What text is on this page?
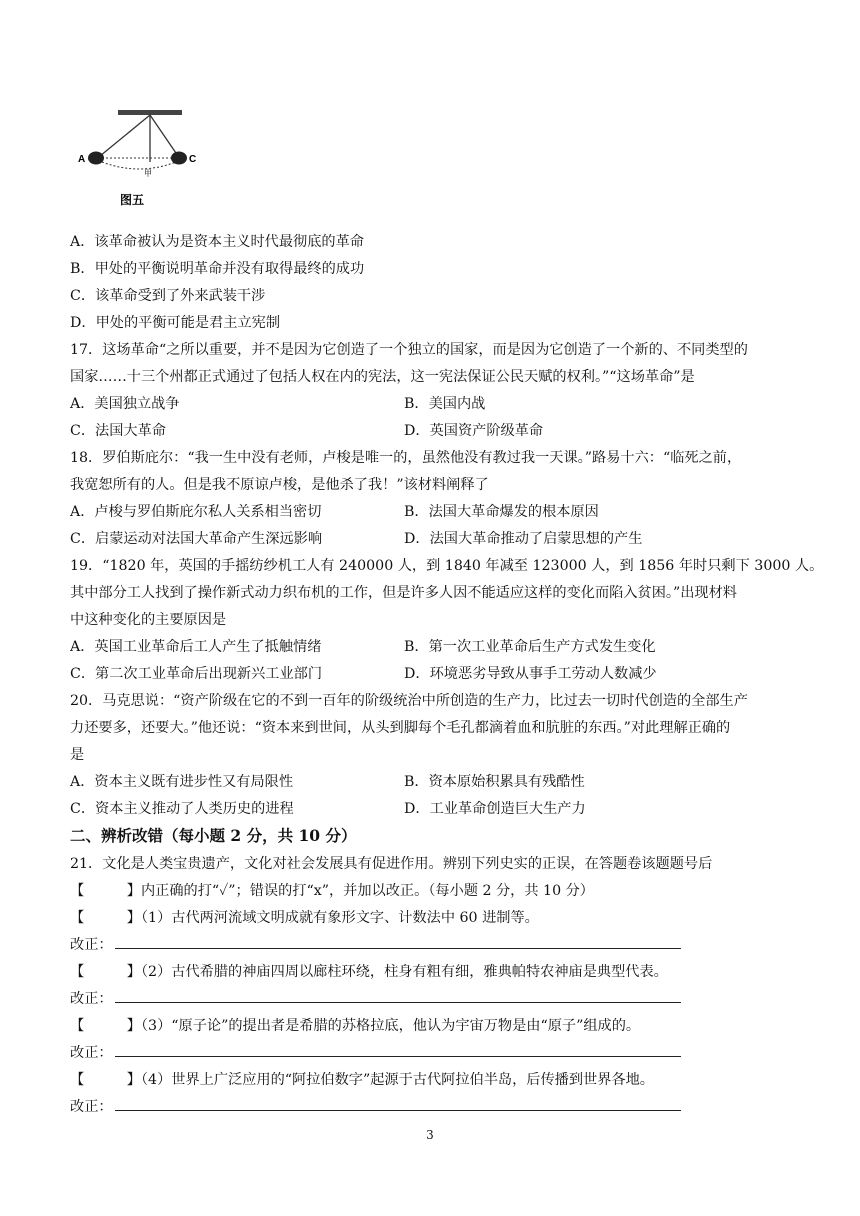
A	C
甲
图五
A．该革命被认为是资本主义时代最彻底的革命
B．甲处的平衡说明革命并没有取得最终的成功
C．该革命受到了外来武装干涉
D．甲处的平衡可能是君主立宪制
17．这场革命“之所以重要，并不是因为它创造了一个独立的国家，而是因为它创造了一个新的、不同类型的
国家……十三个州都正式通过了包括人权在内的宪法，这一宪法保证公民天赋的权利。”“这场革命”是
A．美国独立战争	B．美国内战
C．法国大革命	D．英国资产阶级革命
18．罗伯斯庇尔：“我一生中没有老师，卢梭是唯一的，虽然他没有教过我一天课。”路易十六：“临死之前，
我宽恕所有的人。但是我不原谅卢梭，是他杀了我！”该材料阐释了
A．卢梭与罗伯斯庇尔私人关系相当密切	B．法国大革命爆发的根本原因
C．启蒙运动对法国大革命产生深远影响	D．法国大革命推动了启蒙思想的产生
19．“1820 年，英国的手摇纺纱机工人有 240000 人，到 1840 年减至 123000 人，到 1856 年时只剩下 3000 人。
其中部分工人找到了操作新式动力织布机的工作，但是许多人因不能适应这样的变化而陷入贫困。”出现材料
中这种变化的主要原因是
A．英国工业革命后工人产生了抵触情绪	B．第一次工业革命后生产方式发生变化
C．第二次工业革命后出现新兴工业部门	D．环境恶劣导致从事手工劳动人数减少
20．马克思说：“资产阶级在它的不到一百年的阶级统治中所创造的生产力，比过去一切时代创造的全部生产
力还要多，还要大。”他还说：“资本来到世间，从头到脚每个毛孔都滴着血和肮脏的东西。”对此理解正确的
是
A．资本主义既有进步性又有局限性	B．资本原始积累具有残酷性
C．资本主义推动了人类历史的进程	D．工业革命创造巨大生产力
二、辨析改错（每小题 2 分，共 10 分）
21．文化是人类宝贵遗产，文化对社会发展具有促进作用。辨别下列史实的正误，在答题卷该题题号后
【　　　】内正确的打“✓”；错误的打“x”，并加以改正。（每小题 2 分，共 10 分）
【　　　】（1）古代两河流域文明成就有象形文字、计数法中 60 进制等。
改正：
【　　　】（2）古代希腊的神庙四周以廊柱环绕，柱身有粗有细，雅典帕特农神庙是典型代表。
改正：
【　　　】（3）“原子论”的提出者是希腊的苏格拉底，他认为宇宙万物是由“原子”组成的。
改正：
【　　　】（4）世界上广泛应用的“阿拉伯数字”起源于古代阿拉伯半岛，后传播到世界各地。
改正：
3
